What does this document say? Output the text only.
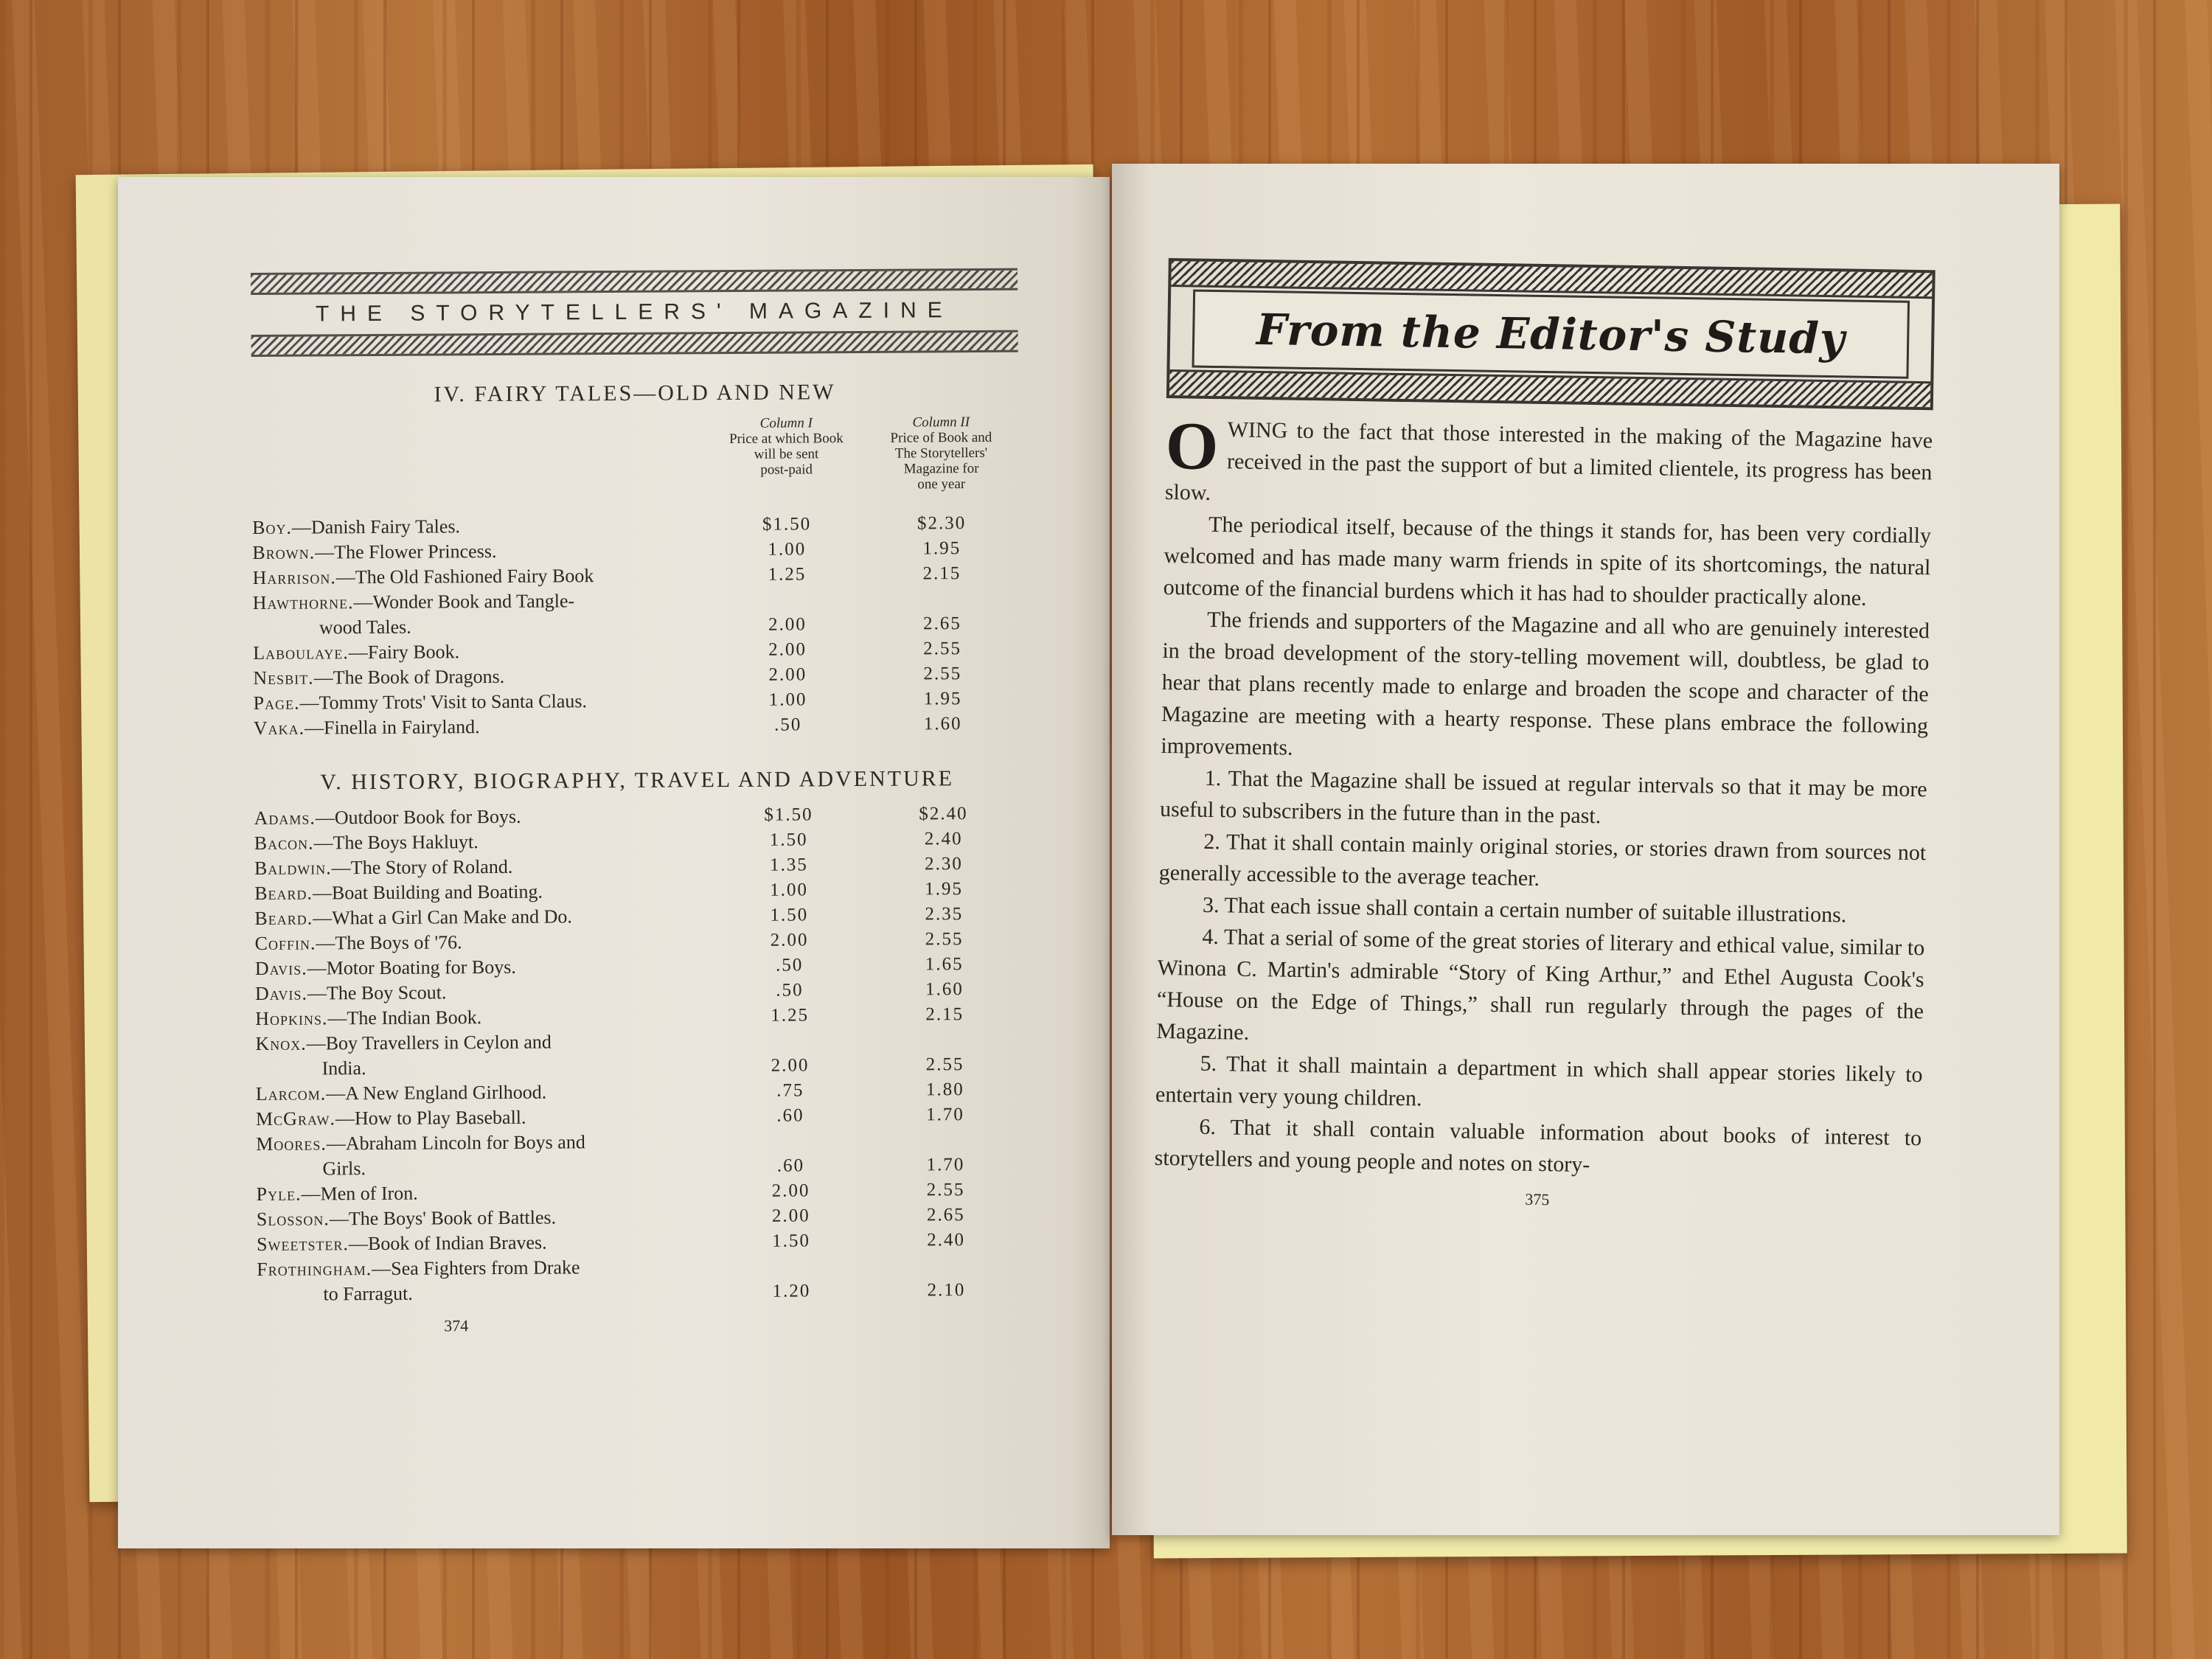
THE STORYTELLERS' MAGAZINE
IV. FAIRY TALES—OLD AND NEW
Column I
Price at which Book
will be sent
post-paid
Column II
Price of Book and
The Storytellers'
Magazine for
one year
Boy.—Danish Fairy Tales.	$1.50	$2.30
Brown.—The Flower Princess.	1.00	1.95
Harrison.—The Old Fashioned Fairy Book	1.25	2.15
Hawthorne.—Wonder Book and Tangle-
wood Tales.	2.00	2.65
Laboulaye.—Fairy Book.	2.00	2.55
Nesbit.—The Book of Dragons.	2.00	2.55
Page.—Tommy Trots' Visit to Santa Claus.	1.00	1.95
Vaka.—Finella in Fairyland.	.50	1.60
V. HISTORY, BIOGRAPHY, TRAVEL AND ADVENTURE
Adams.—Outdoor Book for Boys.	$1.50	$2.40
Bacon.—The Boys Hakluyt.	1.50	2.40
Baldwin.—The Story of Roland.	1.35	2.30
Beard.—Boat Building and Boating.	1.00	1.95
Beard.—What a Girl Can Make and Do.	1.50	2.35
Coffin.—The Boys of '76.	2.00	2.55
Davis.—Motor Boating for Boys.	.50	1.65
Davis.—The Boy Scout.	.50	1.60
Hopkins.—The Indian Book.	1.25	2.15
Knox.—Boy Travellers in Ceylon and
India.	2.00	2.55
Larcom.—A New England Girlhood.	.75	1.80
McGraw.—How to Play Baseball.	.60	1.70
Moores.—Abraham Lincoln for Boys and
Girls.	.60	1.70
Pyle.—Men of Iron.	2.00	2.55
Slosson.—The Boys' Book of Battles.	2.00	2.65
Sweetster.—Book of Indian Braves.	1.50	2.40
Frothingham.—Sea Fighters from Drake
to Farragut.	1.20	2.10
374
From the Editor's Study

O WING to the fact that those interested in the making of the Magazine have received in the past the support of but a limited clientele, its progress has been slow.

The periodical itself, because of the things it stands for, has been very cordially welcomed and has made many warm friends in spite of its shortcomings, the natural outcome of the financial burdens which it has had to shoulder practically alone.

The friends and supporters of the Magazine and all who are genuinely interested in the broad development of the story-telling movement will, doubtless, be glad to hear that plans recently made to enlarge and broaden the scope and character of the Magazine are meeting with a hearty response. These plans embrace the following improvements.

1. That the Magazine shall be issued at regular intervals so that it may be more useful to subscribers in the future than in the past.

2. That it shall contain mainly original stories, or stories drawn from sources not generally accessible to the average teacher.

3. That each issue shall contain a certain number of suitable illustrations.

4. That a serial of some of the great stories of literary and ethical value, similar to Winona C. Martin's admirable “Story of King Arthur,” and Ethel Augusta Cook's “House on the Edge of Things,” shall run regularly through the pages of the Magazine.

5. That it shall maintain a department in which shall appear stories likely to entertain very young children.

6. That it shall contain valuable information about books of interest to storytellers and young people and notes on story-

375
